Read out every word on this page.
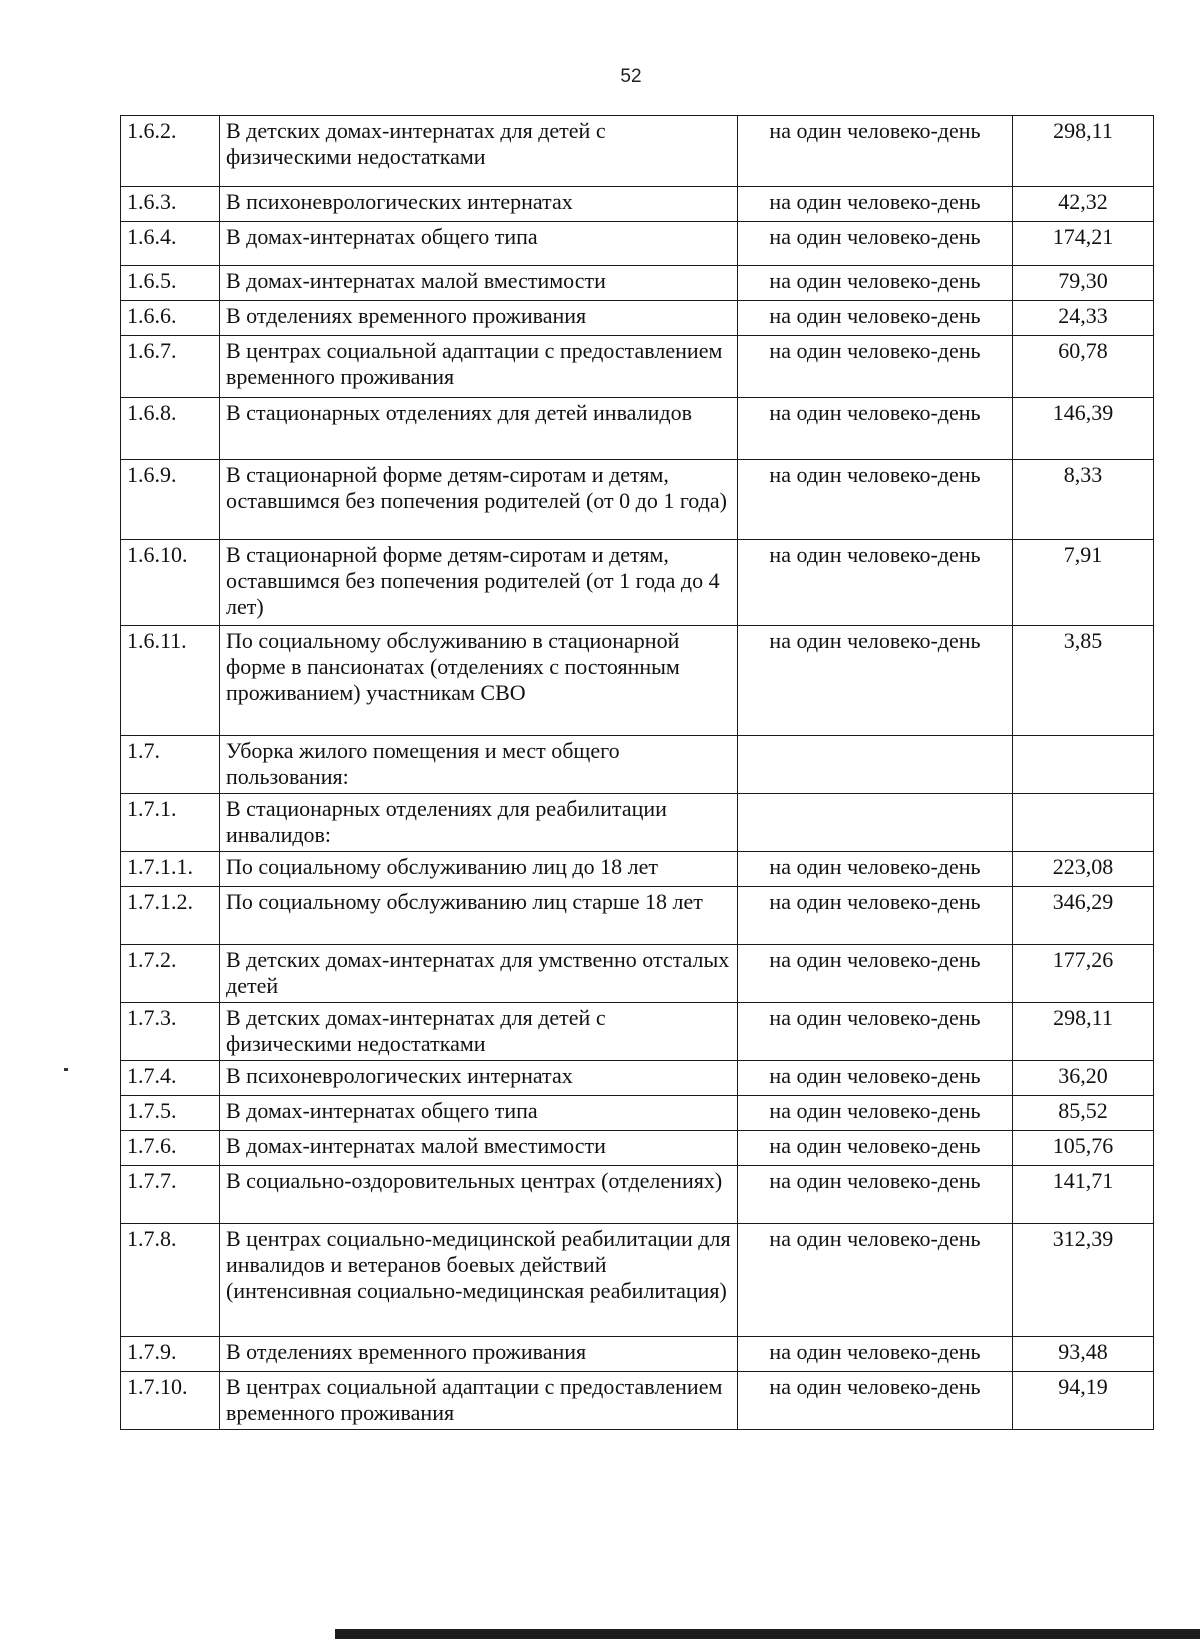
52
1.6.2.	В детских домах-интернатах для детей с физическими недостатками	на один человеко-день	298,11
1.6.3.	В психоневрологических интернатах	на один человеко-день	42,32
1.6.4.	В домах-интернатах общего типа	на один человеко-день	174,21
1.6.5.	В домах-интернатах малой вместимости	на один человеко-день	79,30
1.6.6.	В отделениях временного проживания	на один человеко-день	24,33
1.6.7.	В центрах социальной адаптации с предоставлением временного проживания	на один человеко-день	60,78
1.6.8.	В стационарных отделениях для детей инвалидов	на один человеко-день	146,39
1.6.9.	В стационарной форме детям-сиротам и детям, оставшимся без попечения родителей (от 0 до 1 года)	на один человеко-день	8,33
1.6.10.	В стационарной форме детям-сиротам и детям, оставшимся без попечения родителей (от 1 года до 4 лет)	на один человеко-день	7,91
1.6.11.	По социальному обслуживанию в стационарной форме в пансионатах (отделениях с постоянным проживанием) участникам СВО	на один человеко-день	3,85
1.7.	Уборка жилого помещения и мест общего пользования:		
1.7.1.	В стационарных отделениях для реабилитации инвалидов:		
1.7.1.1.	По социальному обслуживанию лиц до 18 лет	на один человеко-день	223,08
1.7.1.2.	По социальному обслуживанию лиц старше 18 лет	на один человеко-день	346,29
1.7.2.	В детских домах-интернатах для умственно отсталых детей	на один человеко-день	177,26
1.7.3.	В детских домах-интернатах для детей с физическими недостатками	на один человеко-день	298,11
1.7.4.	В психоневрологических интернатах	на один человеко-день	36,20
1.7.5.	В домах-интернатах общего типа	на один человеко-день	85,52
1.7.6.	В домах-интернатах малой вместимости	на один человеко-день	105,76
1.7.7.	В социально-оздоровительных центрах (отделениях)	на один человеко-день	141,71
1.7.8.	В центрах социально-медицинской реабилитации для инвалидов и ветеранов боевых действий (интенсивная социально-медицинская реабилитация)	на один человеко-день	312,39
1.7.9.	В отделениях временного проживания	на один человеко-день	93,48
1.7.10.	В центрах социальной адаптации с предоставлением временного проживания	на один человеко-день	94,19
